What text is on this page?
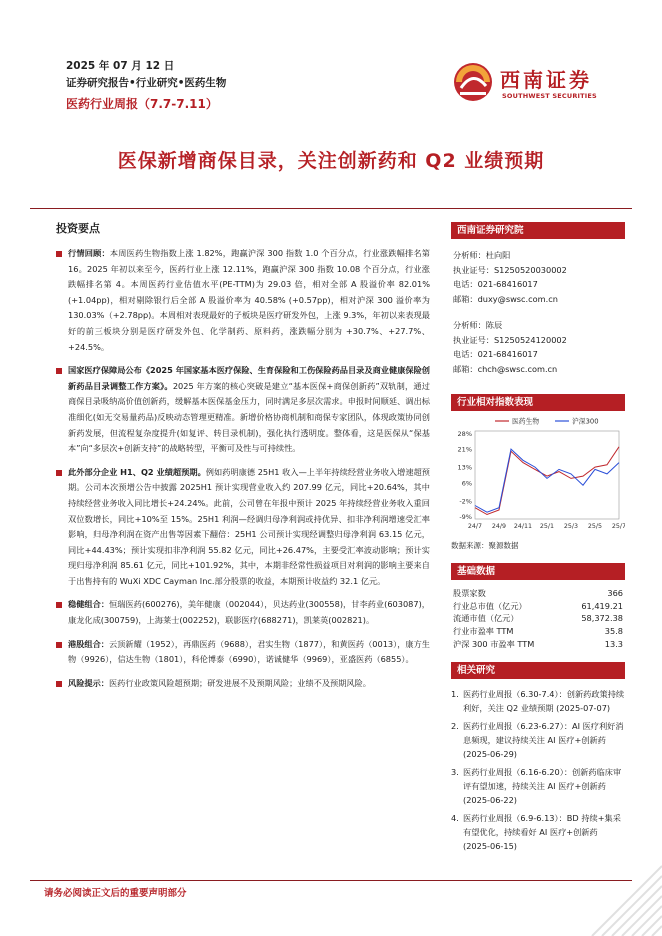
2025 年 07 月 12 日
证券研究报告•行业研究•医药生物
医药行业周报（7.7-7.11）
西南证券
SOUTHWEST SECURITIES
医保新增商保目录，关注创新药和 Q2 业绩预期
投资要点
行情回顾：本周医药生物指数上涨 1.82%，跑赢沪深 300 指数 1.0 个百分点，行业涨跌幅排名第 16。2025 年初以来至今，医药行业上涨 12.11%，跑赢沪深 300 指数 10.08 个百分点，行业涨跌幅排名第 4。本周医药行业估值水平(PE-TTM)为 29.03 倍，相对全部 A 股溢价率 82.01% (+1.04pp)，相对剔除银行后全部 A 股溢价率为 40.58% (+0.57pp)，相对沪深 300 溢价率为 130.03%（+2.78pp)。本周相对表现最好的子板块是医疗研发外包，上涨 9.3%，年初以来表现最好的前三板块分别是医疗研发外包、化学制药、原料药，涨跌幅分别为 +30.7%、+27.7%、+24.5%。
国家医疗保障局公布《2025 年国家基本医疗保险、生育保险和工伤保险药品目录及商业健康保险创新药品目录调整工作方案》。2025 年方案的核心突破是建立“基本医保+商保创新药”双轨制，通过商保目录吸纳高价值创新药，缓解基本医保基金压力，同时满足多层次需求。申报时间顺延、调出标准细化(如无交易量药品)反映动态管理更精准。新增价格协商机制和商保专家团队，体现政策协同创新药发展，但流程复杂度提升(如复评、转目录机制)，强化执行透明度。整体看，这是医保从“保基本”向“多层次+创新支持”的战略转型，平衡可及性与可持续性。
此外部分企业 H1、Q2 业绩超预期。例如药明康德 25H1 收入—上半年持续经营业务收入增速超预期。公司本次预增公告中披露 2025H1 预计实现营业收入约 207.99 亿元，同比+20.64%，其中持续经营业务收入同比增长+24.24%。此前，公司曾在年报中预计 2025 年持续经营业务收入重回双位数增长，同比+10%至 15%。25H1 利润—经调归母净利润或持优异、扣非净利润增速受汇率影响，归母净利润在资产出售等因素下翻倍：25H1 公司预计实现经调整归母净利润 63.15 亿元，同比+44.43%；预计实现扣非净利润 55.82 亿元，同比+26.47%，主要受汇率波动影响；预计实现归母净利润 85.61 亿元，同比+101.92%，其中，本期非经常性损益项目对利润的影响主要来自于出售持有的 WuXi XDC Cayman Inc.部分股票的收益，本期预计收益约 32.1 亿元。
稳健组合：恒瑞医药(600276)，美年健康（002044），贝达药业(300558)，甘李药业(603087)，康龙化成(300759)，上海莱士(002252)，联影医疗(688271)，凯莱英(002821)。
港股组合：云顶新耀（1952），再鼎医药（9688），君实生物（1877），和黄医药（0013），康方生物（9926），信达生物（1801），科伦博泰（6990），诺诚健华（9969），亚盛医药（6855）。
风险提示：医药行业政策风险超预期；研发进展不及预期风险；业绩不及预期风险。
西南证券研究院
分析师：杜向阳
执业证号：S1250520030002
电话：021-68416017
邮箱：duxy@swsc.com.cn
分析师：陈辰
执业证号：S1250524120002
电话：021-68416017
邮箱：chch@swsc.com.cn
行业相对指数表现
28%
21%
13%
6%
-2%
-9%
24/7 24/9 24/11 25/1 25/3 25/5 25/7
医药生物	沪深300
数据来源：聚源数据
基础数据
股票家数	366
行业总市值（亿元）	61,419.21
流通市值（亿元）	58,372.38
行业市盈率 TTM	35.8
沪深 300 市盈率 TTM	13.3
相关研究
1. 医药行业周报（6.30-7.4）：创新药政策持续利好，关注 Q2 业绩预期 (2025-07-07)
2. 医药行业周报（6.23-6.27）：AI 医疗利好消息频现，建议持续关注 AI 医疗+创新药 (2025-06-29)
3. 医药行业周报（6.16-6.20）：创新药临床审评有望加速，持续关注 AI 医疗+创新药 (2025-06-22)
4. 医药行业周报（6.9-6.13）：BD 持续+集采有望优化，持续看好 AI 医疗+创新药 (2025-06-15)
请务必阅读正文后的重要声明部分
